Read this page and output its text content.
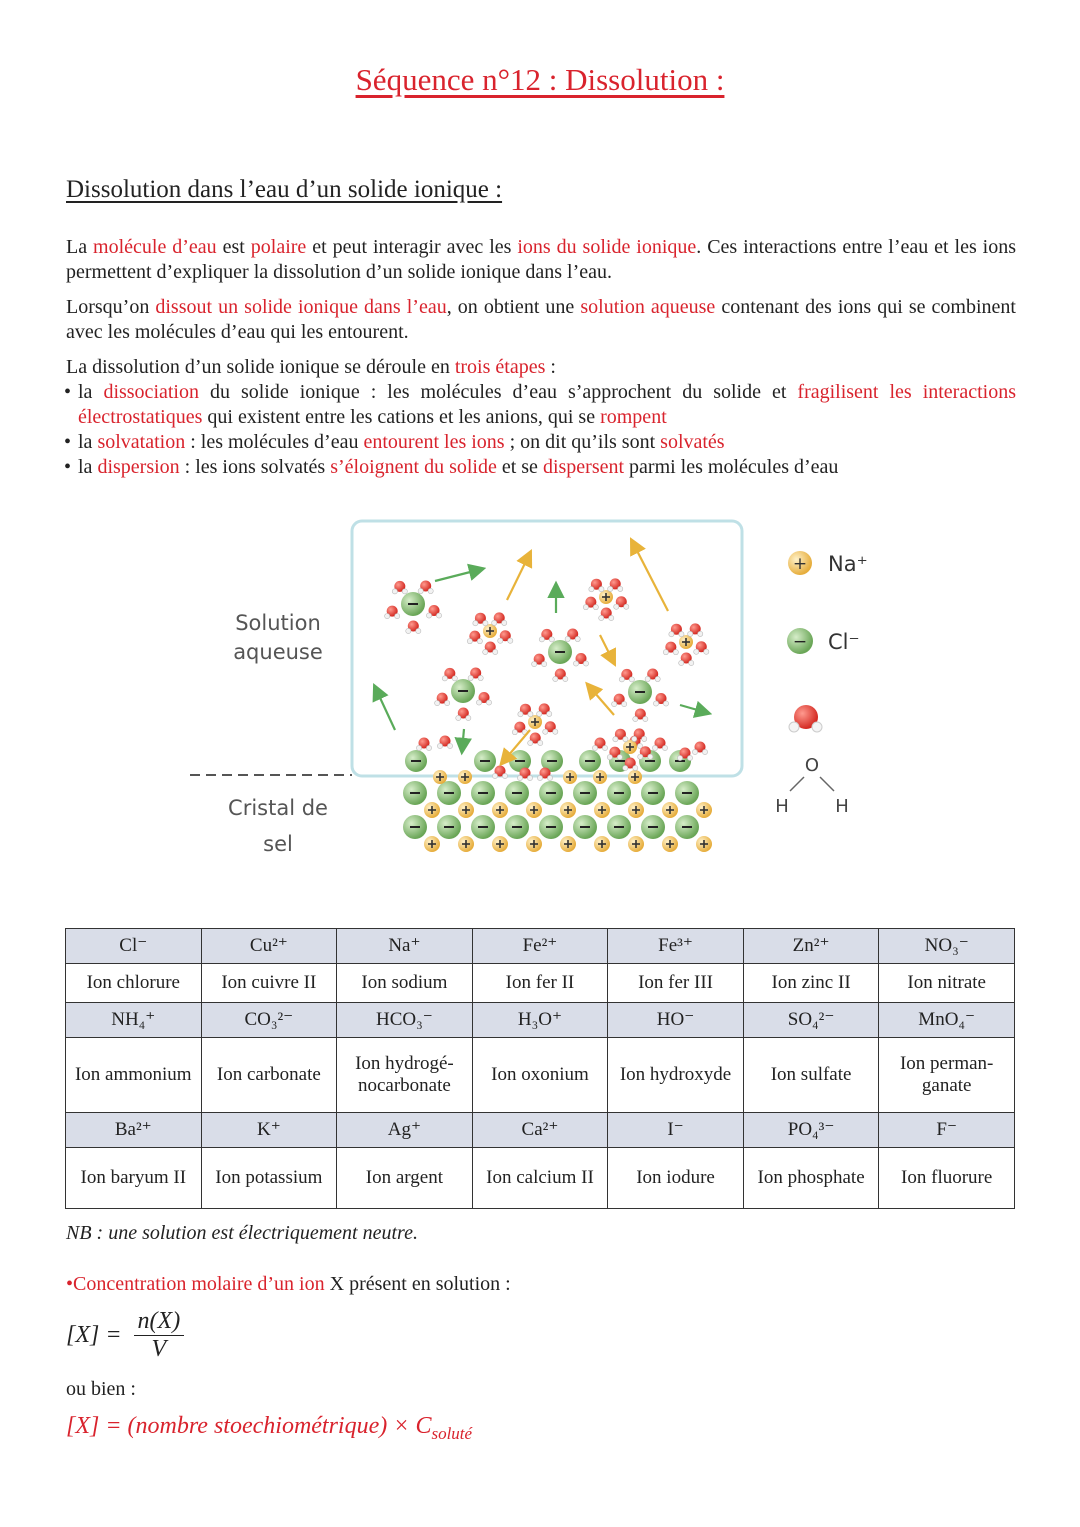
Séquence n°12 : Dissolution :
Dissolution dans l’eau d’un solide ionique :

La molécule d’eau est polaire et peut interagir avec les ions du solide ionique. Ces interactions entre l’eau et les ions permettent d’expliquer la dissolution d’un solide ionique dans l’eau.

Lorsqu’on dissout un solide ionique dans l’eau, on obtient une solution aqueuse contenant des ions qui se combinent avec les molécules d’eau qui les entourent.

La dissolution d’un solide ionique se déroule en trois étapes :

• la dissociation du solide ionique : les molécules d’eau s’approchent du solide et fragilisent les interactions électrostatiques qui existent entre les cations et les anions, qui se rompent

• la solvatation : les molécules d’eau entourent les ions ; on dit qu’ils sont solvatés

• la dispersion : les ions solvatés s’éloignent du solide et se dispersent parmi les molécules d’eau

Solution
aqueuse
Cristal de
sel
+ Na⁺
− Cl⁻
O
H	H
Cl⁻	Cu²⁺	Na⁺	Fe²⁺	Fe³⁺	Zn²⁺	NO₃⁻
Ion chlorure	Ion cuivre II	Ion sodium	Ion fer II	Ion fer III	Ion zinc II	Ion nitrate
NH₄⁺	CO₃²⁻	HCO₃⁻	H₃O⁺	HO⁻	SO₄²⁻	MnO₄⁻
Ion ammonium	Ion carbonate	Ion hydrogé-nocarbonate	Ion oxonium	Ion hydroxyde	Ion sulfate	Ion perman-ganate
Ba²⁺	K⁺	Ag⁺	Ca²⁺	I⁻	PO₄³⁻	F⁻
Ion baryum II	Ion potassium	Ion argent	Ion calcium II	Ion iodure	Ion phosphate	Ion fluorure
NB : une solution est électriquement neutre.
•Concentration molaire d’un ion X présent en solution :
$[X] = \frac{n(X)}{V}$
ou bien :
[X] = (nombre stoechiométrique) × $C_{soluté}$
